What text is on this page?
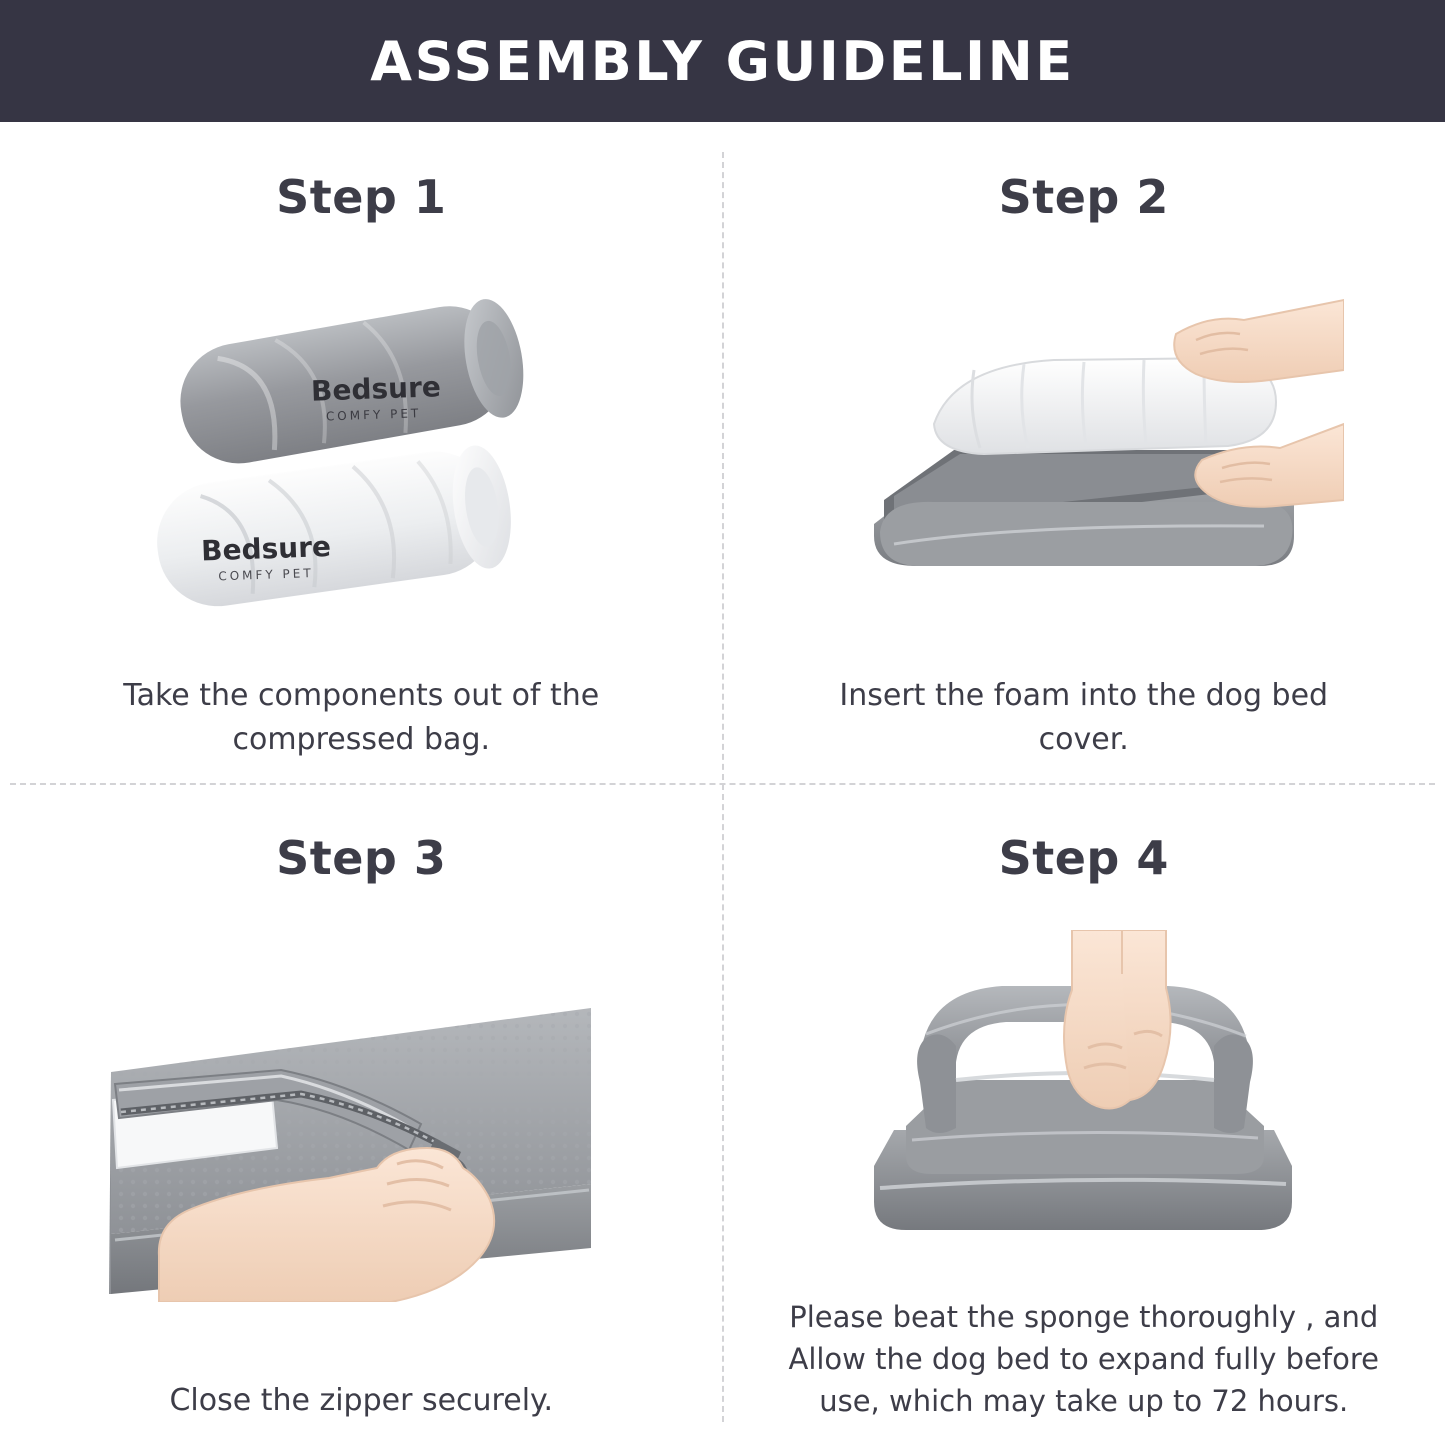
ASSEMBLY GUIDELINE
Step 1
Bedsure
COMFY PET
Bedsure
COMFY PET
Take the components out of the compressed bag.
Step 2
Insert the foam into the dog bed cover.
Step 3
Close the zipper securely.
Step 4
Please beat the sponge thoroughly , and Allow the dog bed to expand fully before use, which may take up to 72 hours.
